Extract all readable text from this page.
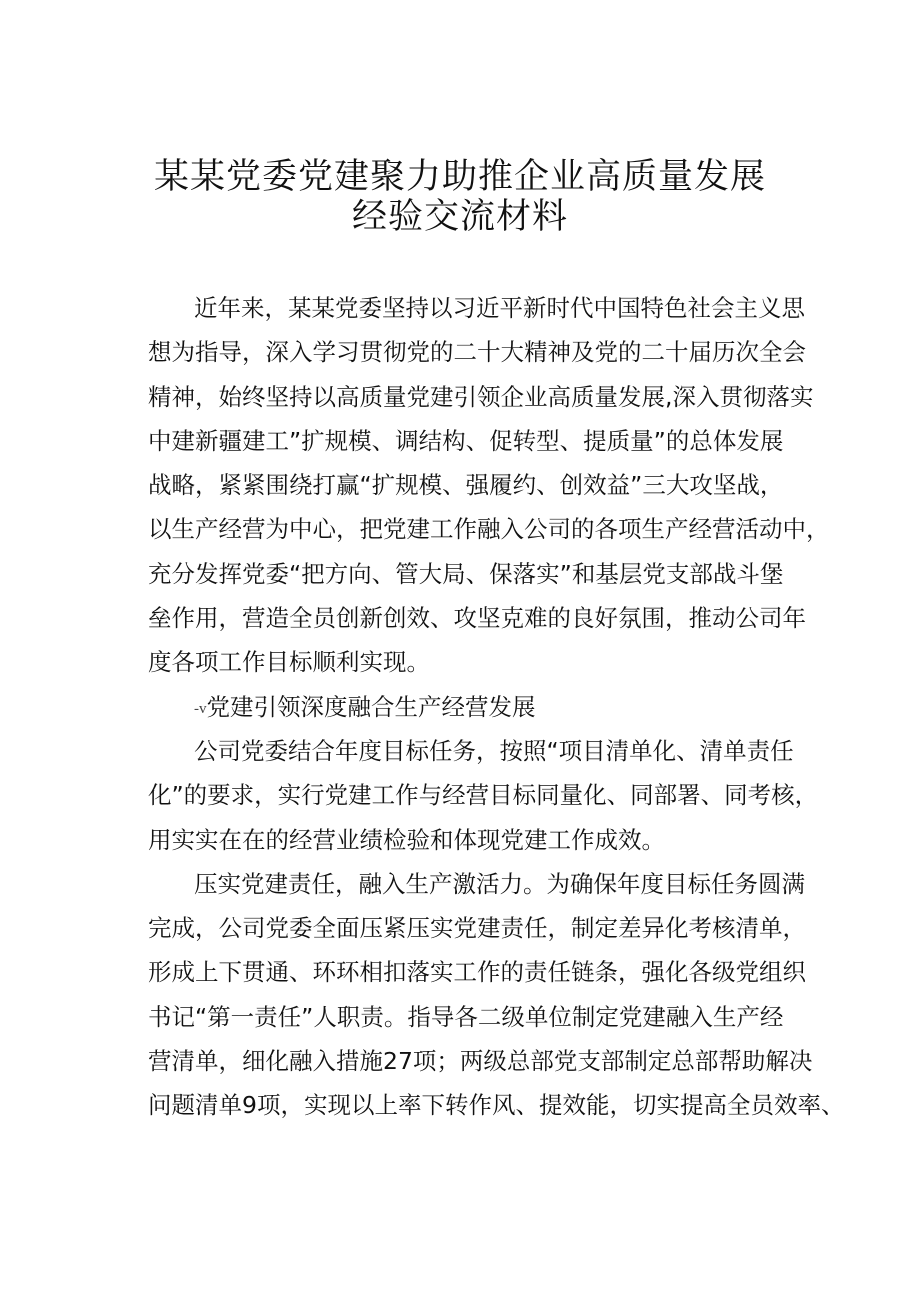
某某党委党建聚力助推企业高质量发展
经验交流材料
近年来，某某党委坚持以习近平新时代中国特色社会主义思
想为指导，深入学习贯彻党的二十大精神及党的二十届历次全会
精神，始终坚持以高质量党建引领企业高质量发展,深入贯彻落实
中建新疆建工”扩规模、调结构、促转型、提质量”的总体发展
战略，紧紧围绕打赢“扩规模、强履约、创效益”三大攻坚战，
以生产经营为中心，把党建工作融入公司的各项生产经营活动中，
充分发挥党委“把方向、管大局、保落实”和基层党支部战斗堡
垒作用，营造全员创新创效、攻坚克难的良好氛围，推动公司年
度各项工作目标顺利实现。
-v党建引领深度融合生产经营发展
公司党委结合年度目标任务，按照“项目清单化、清单责任
化”的要求，实行党建工作与经营目标同量化、同部署、同考核，
用实实在在的经营业绩检验和体现党建工作成效。
压实党建责任，融入生产激活力。为确保年度目标任务圆满
完成，公司党委全面压紧压实党建责任，制定差异化考核清单，
形成上下贯通、环环相扣落实工作的责任链条，强化各级党组织
书记“第一责任”人职责。指导各二级单位制定党建融入生产经
营清单，细化融入措施27项；两级总部党支部制定总部帮助解决
问题清单9项，实现以上率下转作风、提效能，切实提高全员效率、
